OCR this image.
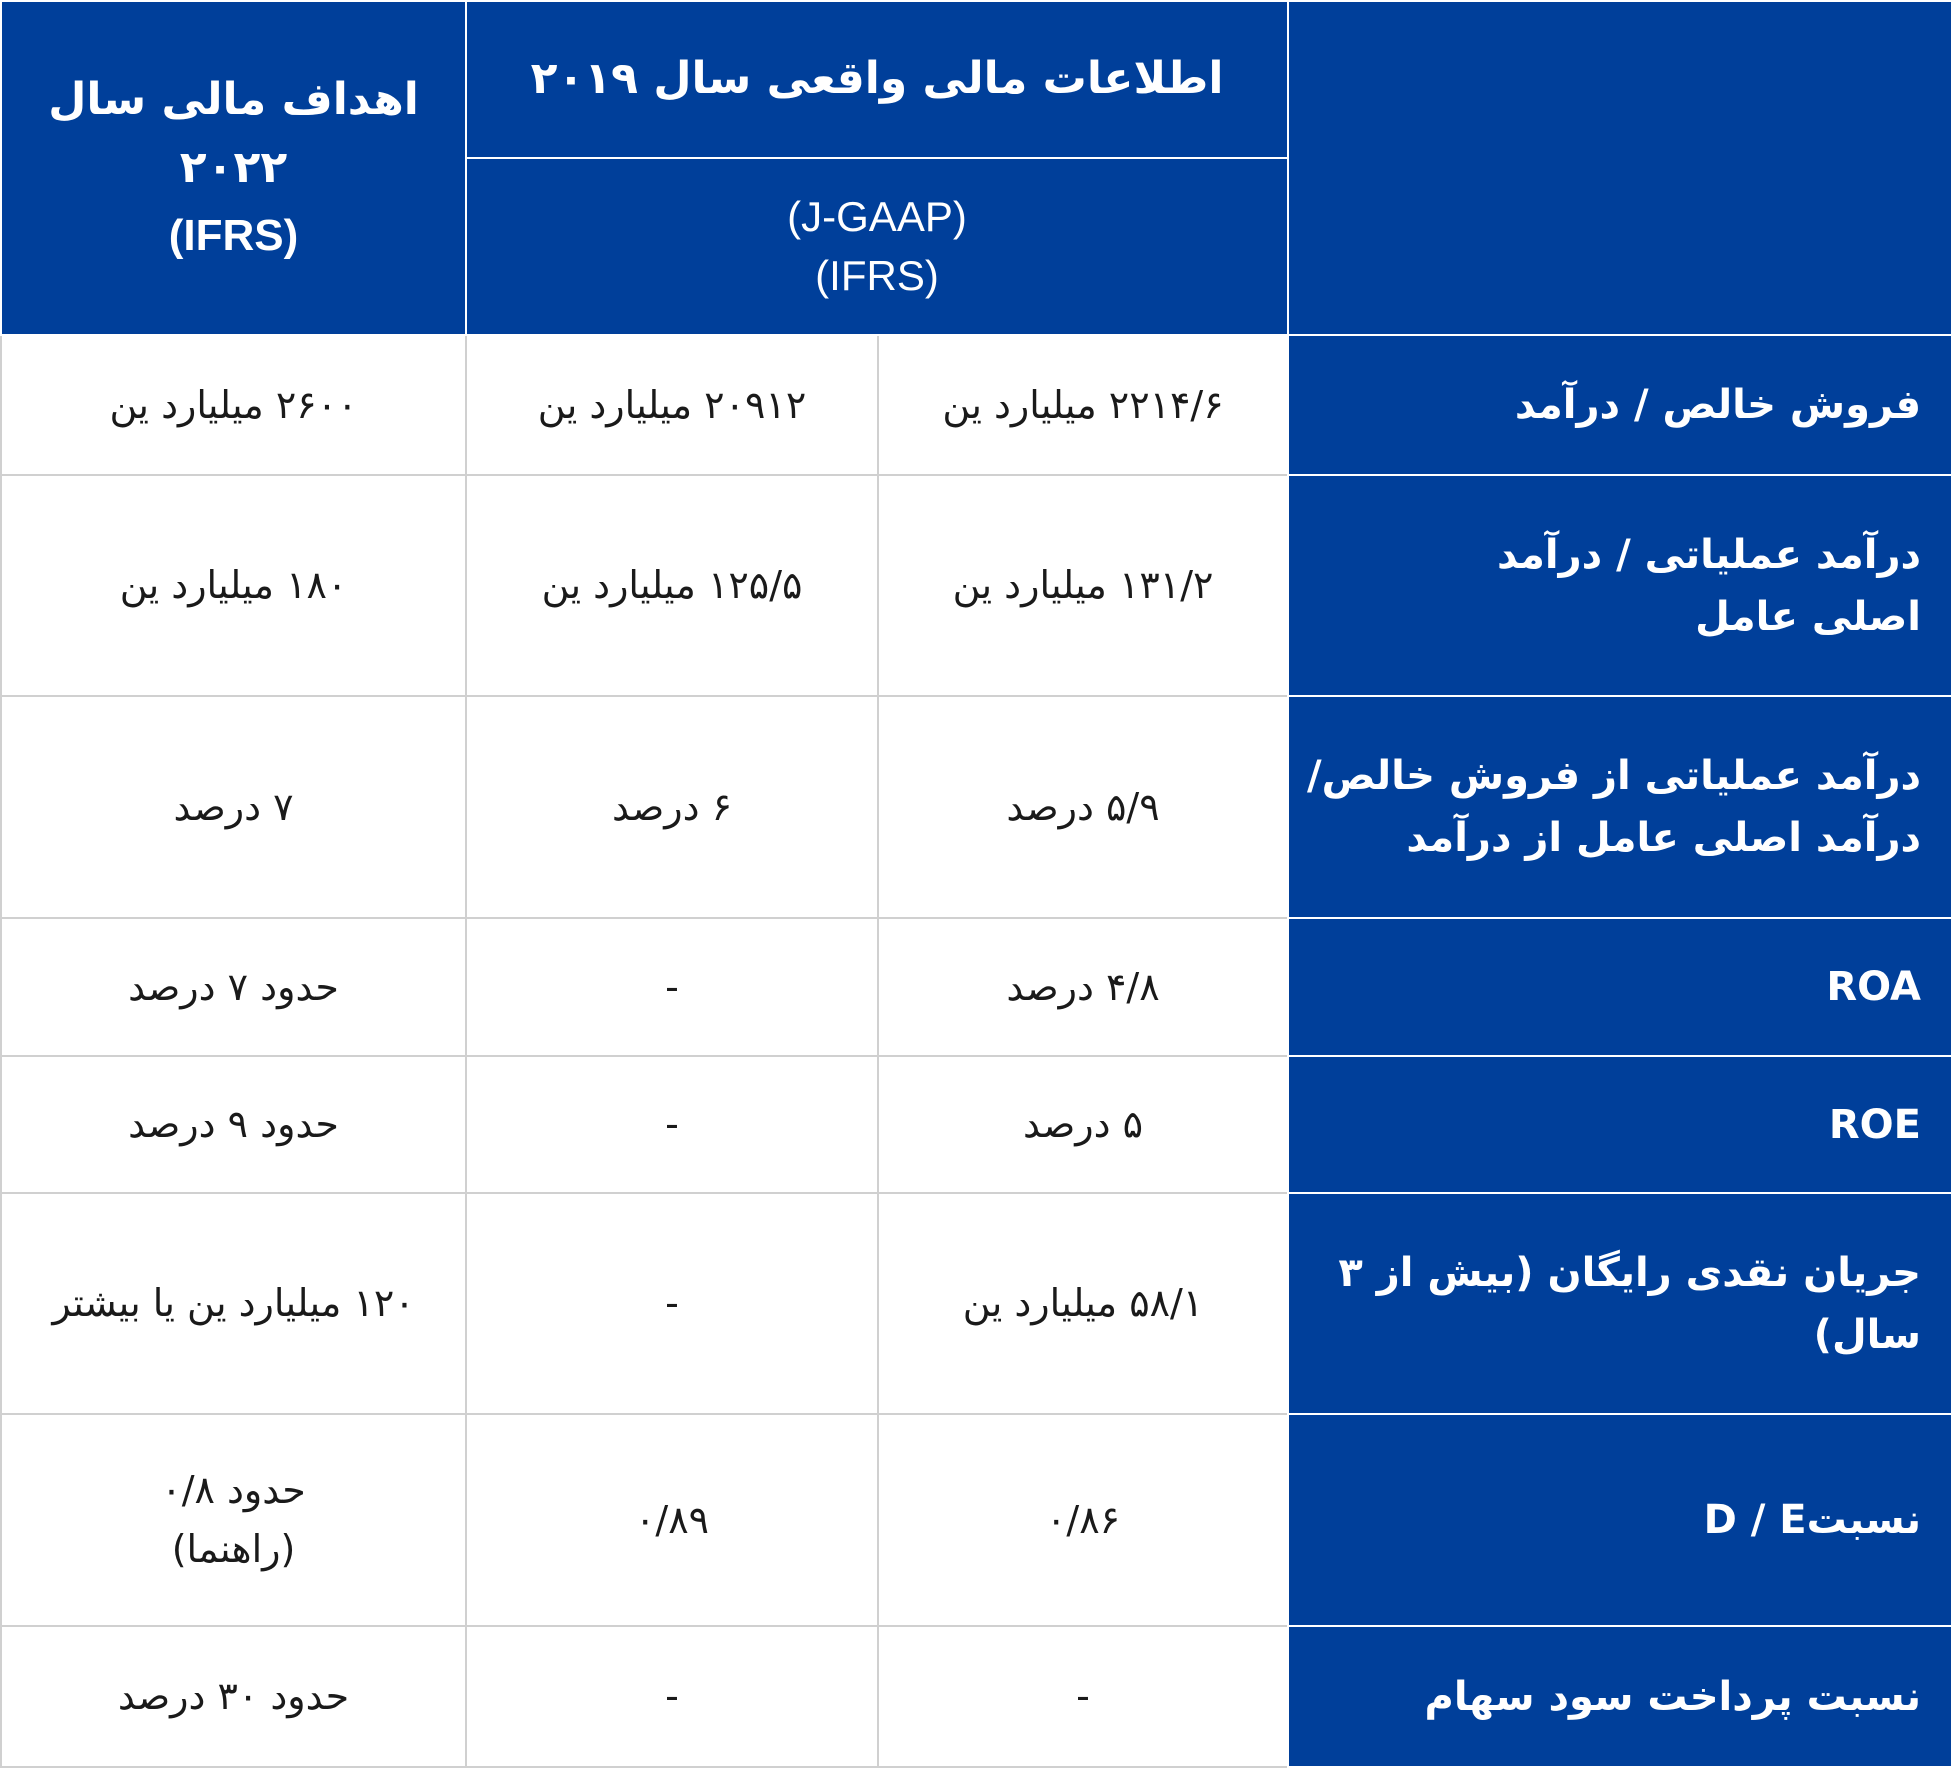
	اطلاعات مالی واقعی سال ۲۰۱۹		اهداف مالی سال
۲۰۲۲
(IFRS)

	(J-GAAP)
(IFRS)		

فروش خالص / درآمد	۲۲۱۴/۶ میلیارد ین	۲۰۹۱۲ میلیارد ین	۲۶۰۰ میلیارد ین

درآمد عملیاتی / درآمد
اصلی عامل	۱۳۱/۲ میلیارد ین	۱۲۵/۵ میلیارد ین	۱۸۰ میلیارد ین

درآمد عملیاتی از فروش خالص/
درآمد اصلی عامل از درآمد	۵/۹ درصد	۶ درصد	۷ درصد

ROA	۴/۸ درصد	-	حدود ۷ درصد

ROE	۵ درصد	-	حدود ۹ درصد

جریان نقدی رایگان (بیش از ۳
سال)	۵۸/۱ میلیارد ین	-	۱۲۰ میلیارد ین یا بیشتر

نسبتD / E	۰/۸۶	۰/۸۹	حدود ۰/۸
(راهنما)

نسبت پرداخت سود سهام	-	-	حدود ۳۰ درصد
